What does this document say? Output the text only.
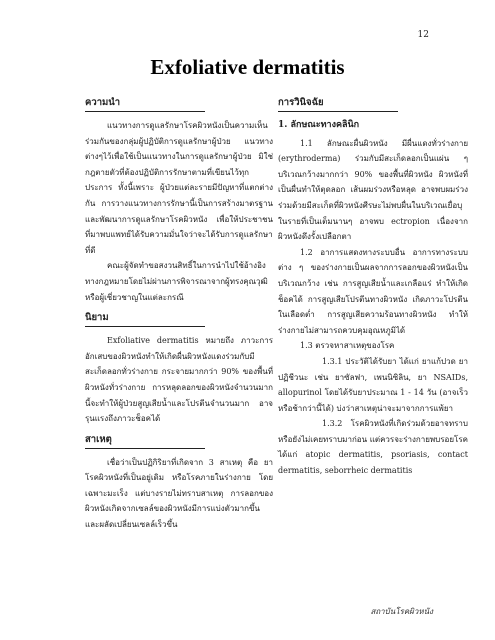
12
Exfoliative dermatitis
ความนำ

แนวทางการดูแลรักษาโรคผิวหนังเป็นความเห็นร่วมกันของกลุ่มผู้ปฏิบัติการดูแลรักษาผู้ป่วย แนวทางต่างๆไว้เพื่อใช้เป็นแนวทางในการดูแลรักษาผู้ป่วย มิใช่กฎตายตัวที่ต้องปฏิบัติการรักษาตามที่เขียนไว้ทุกประการ ทั้งนี้เพราะ ผู้ป่วยแต่ละรายมีปัญหาที่แตกต่างกัน การวางแนวทางการรักษานี้เป็นการสร้างมาตรฐานและพัฒนาการดูแลรักษาโรคผิวหนัง เพื่อให้ประชาชนที่มาพบแพทย์ได้รับความมั่นใจว่าจะได้รับการดูแลรักษาที่ดี

คณะผู้จัดทำขอสงวนสิทธิ์ในการนำไปใช้อ้างอิงทางกฎหมายโดยไม่ผ่านการพิจารณาจากผู้ทรงคุณวุฒิ หรือผู้เชี่ยวชาญในแต่ละกรณี

นิยาม

Exfoliative dermatitis หมายถึง ภาวะการอักเสบของผิวหนังทำให้เกิดผื่นผิวหนังแดงร่วมกับมีสะเก็ดลอกทั่วร่างกาย กระจายมากกว่า 90% ของพื้นที่ผิวหนังทั่วร่างกาย การหลุดลอกของผิวหนังจำนวนมากนี้จะทำให้ผู้ป่วยสูญเสียน้ำและโปรตีนจำนวนมาก อาจรุนแรงถึงภาวะช็อคได้

สาเหตุ

เชื่อว่าเป็นปฏิกิริยาที่เกิดจาก 3 สาเหตุ คือ ยา โรคผิวหนังที่เป็นอยู่เดิม หรือโรคภายในร่างกาย โดยเฉพาะมะเร็ง แต่บางรายไม่ทราบสาเหตุ การลอกของผิวหนังเกิดจากเซลล์ของผิวหนังมีการแบ่งตัวมากขึ้น และผลัดเปลี่ยนเซลล์เร็วขึ้น

การวินิจฉัย
1. ลักษณะทางคลินิก

1.1 ลักษณะผื่นผิวหนัง มีผื่นแดงทั่วร่างกาย (erythroderma) ร่วมกับมีสะเก็ดลอกเป็นแผ่น ๆ บริเวณกว้างมากกว่า 90% ของพื้นที่ผิวหนัง ผิวหนังที่เป็นผื่นทำให้ตุดลอก เส้นผมร่วงหรือหลุด อาจพบผมร่วงร่วมด้วยมีสะเก็ดที่ผิวหนังศีรษะไม่พบผื่นในบริเวณเยื่อบุ ในรายที่เป็นเต็มนานๆ อาจพบ ectropion เนื่องจากผิวหนังดึงรั้งเปลือกตา

1.2 อาการแสดงทางระบบอื่น อาการทางระบบต่าง ๆ ของร่างกายเป็นผลจากการลอกของผิวหนังเป็นบริเวณกว้าง เช่น การสูญเสียน้ำและเกลือแร่ ทำให้เกิดช็อคได้ การสูญเสียโปรตีนทางผิวหนัง เกิดภาวะโปรตีนในเลือดต่ำ การสูญเสียความร้อนทางผิวหนัง ทำให้ร่างกายไม่สามารถควบคุมอุณหภูมิได้

1.3 ตรวจหาสาเหตุของโรค

1.3.1 ประวัติได้รับยา ได้แก่ ยาแก้ปวด ยาปฏิชีวนะ เช่น ยาซัลฟา, เพนนิซิลิน, ยา NSAIDs, allopurinol โดยได้รับยาประมาณ 1 - 14 วัน (อาจเร็วหรือช้ากว่านี้ได้) บ่งว่าสาเหตุน่าจะมาจากการแพ้ยา

1.3.2 โรคผิวหนังที่เกิดร่วมด้วยอาจทราบ หรือยังไม่เคยทราบมาก่อน แต่ควรจะร่างกายพบรอยโรค ได้แก่ atopic dermatitis, psoriasis, contact dermatitis, seborrheic dermatitis

สถาบันโรคผิวหนัง
